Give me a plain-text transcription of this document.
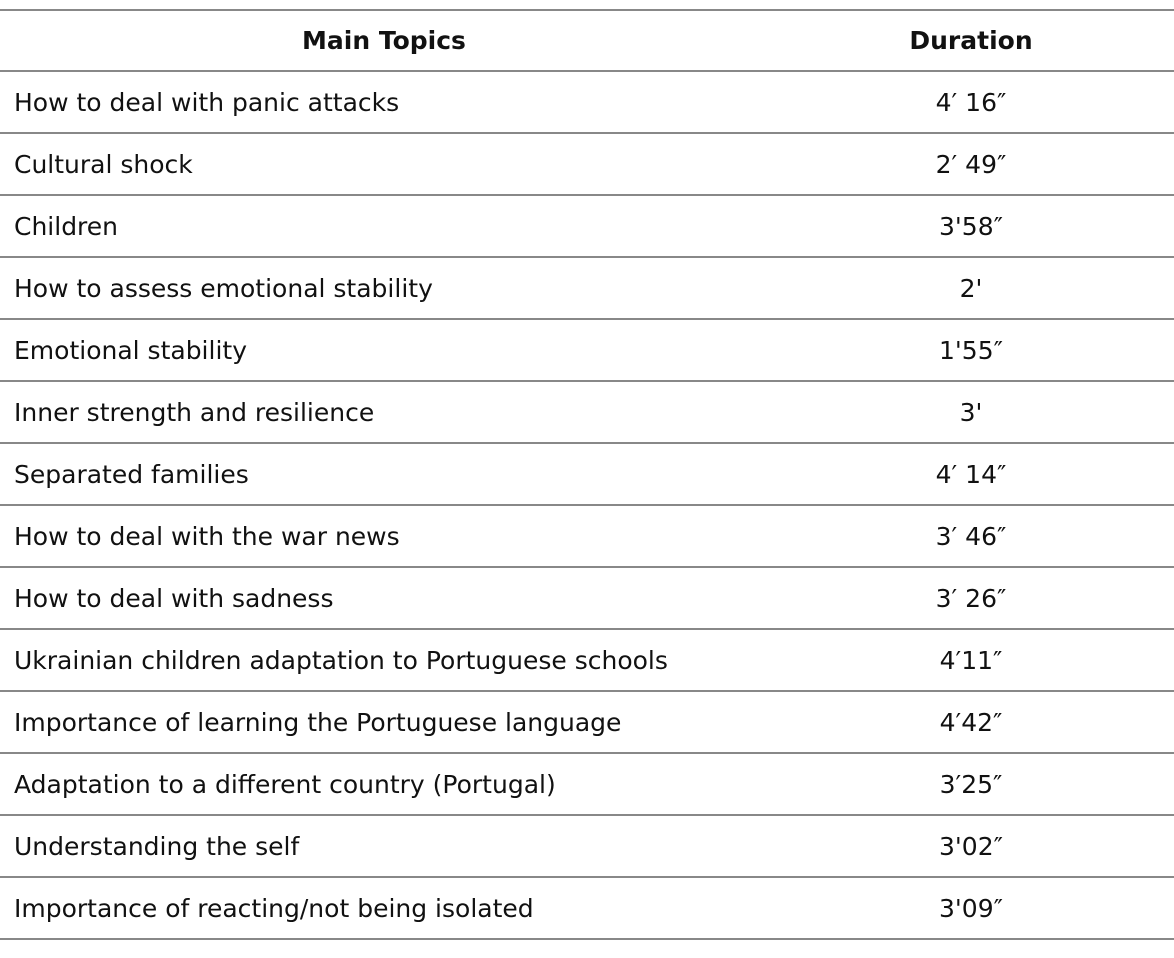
Main Topics	Duration
How to deal with panic attacks	4′ 16″
Cultural shock	2′ 49″
Children	3'58″
How to assess emotional stability	2'
Emotional stability	1'55″
Inner strength and resilience	3'
Separated families	4′ 14″
How to deal with the war news	3′ 46″
How to deal with sadness	3′ 26″
Ukrainian children adaptation to Portuguese schools	4′11″
Importance of learning the Portuguese language	4′42″
Adaptation to a different country (Portugal)	3′25″
Understanding the self	3'02″
Importance of reacting/not being isolated	3'09″
